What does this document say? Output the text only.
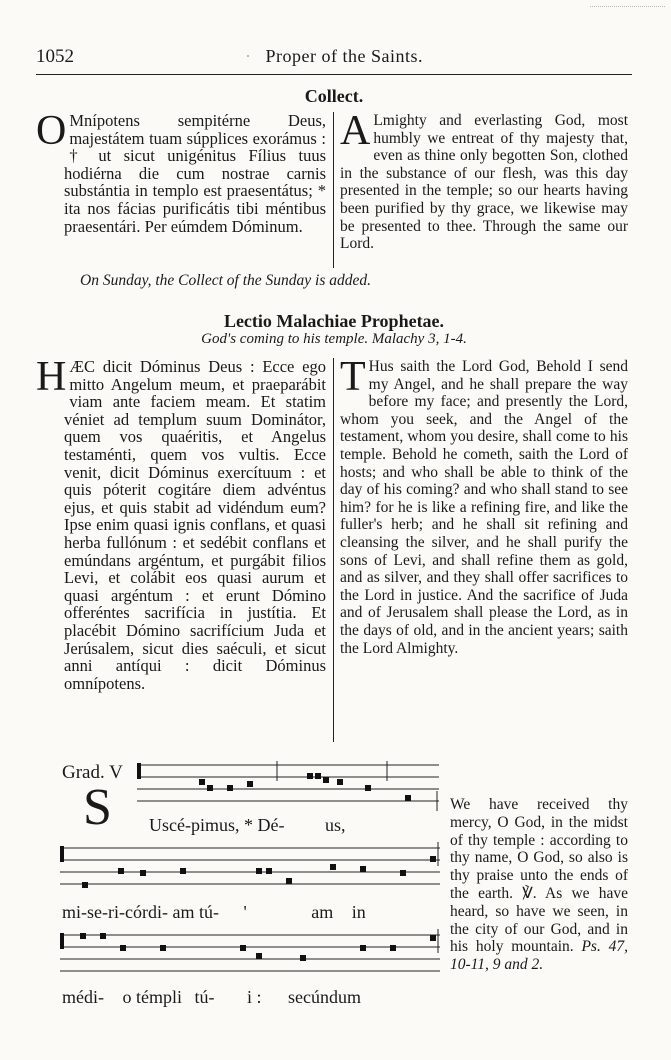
1052
·	Proper of the Saints.
Collect.

O Mnípotens sempitérne Deus, majestátem tuam súpplices exorámus : † ut sicut unigénitus Fílius tuus hodiérna die cum nostrae carnis substántia in templo est praesentátus; * ita nos fácias purificátis tibi méntibus praesentári. Per eúmdem Dóminum.

A Lmighty and everlasting God, most humbly we entreat of thy majesty that, even as thine only begotten Son, clothed in the substance of our flesh, was this day presented in the temple; so our hearts having been purified by thy grace, we likewise may be presented to thee. Through the same our Lord.

On Sunday, the Collect of the Sunday is added.
Lectio Malachiae Prophetae.
God's coming to his temple. Malachy 3, 1-4.

HÆC dicit Dóminus Deus : Ecce ego mitto Angelum meum, et praeparábit viam ante faciem meam. Et statim véniet ad templum suum Dominátor, quem vos quaéritis, et Angelus testaménti, quem vos vultis. Ecce venit, dicit Dóminus exercítuum : et quis póterit cogitáre diem advéntus ejus, et quis stabit ad vidéndum eum? Ipse enim quasi ignis conflans, et quasi herba fullónum : et sedébit conflans et emúndans argéntum, et purgábit filios Levi, et colábit eos quasi aurum et quasi argéntum : et erunt Dómino offeréntes sacrifícia in justítia. Et placébit Dómino sacrifícium Juda et Jerúsalem, sicut dies saéculi, et sicut anni antíqui : dicit Dóminus omnípotens.

T Hus saith the Lord God, Behold I send my Angel, and he shall prepare the way before my face; and presently the Lord, whom you seek, and the Angel of the testament, whom you desire, shall come to his temple. Behold he cometh, saith the Lord of hosts; and who shall be able to think of the day of his coming? and who shall stand to see him? for he is like a refining fire, and like the fuller's herb; and he shall sit refining and cleansing the silver, and he shall purify the sons of Levi, and shall refine them as gold, and as silver, and they shall offer sacrifices to the Lord in justice. And the sacrifice of Juda and of Jerusalem shall please the Lord, as in the days of old, and in the ancient years; saith the Lord Almighty.

Grad. V
S Uscé-pimus, * Dé- us,
mi-se-ri-córdi- am tú- '	am in
médi- o témpli tú- i : secúndum

We have received thy mercy, O God, in the midst of thy temple : according to thy name, O God, so also is thy praise unto the ends of the earth. ℣. As we have heard, so have we seen, in the city of our God, and in his holy mountain. Ps. 47, 10-11, 9 and 2.
